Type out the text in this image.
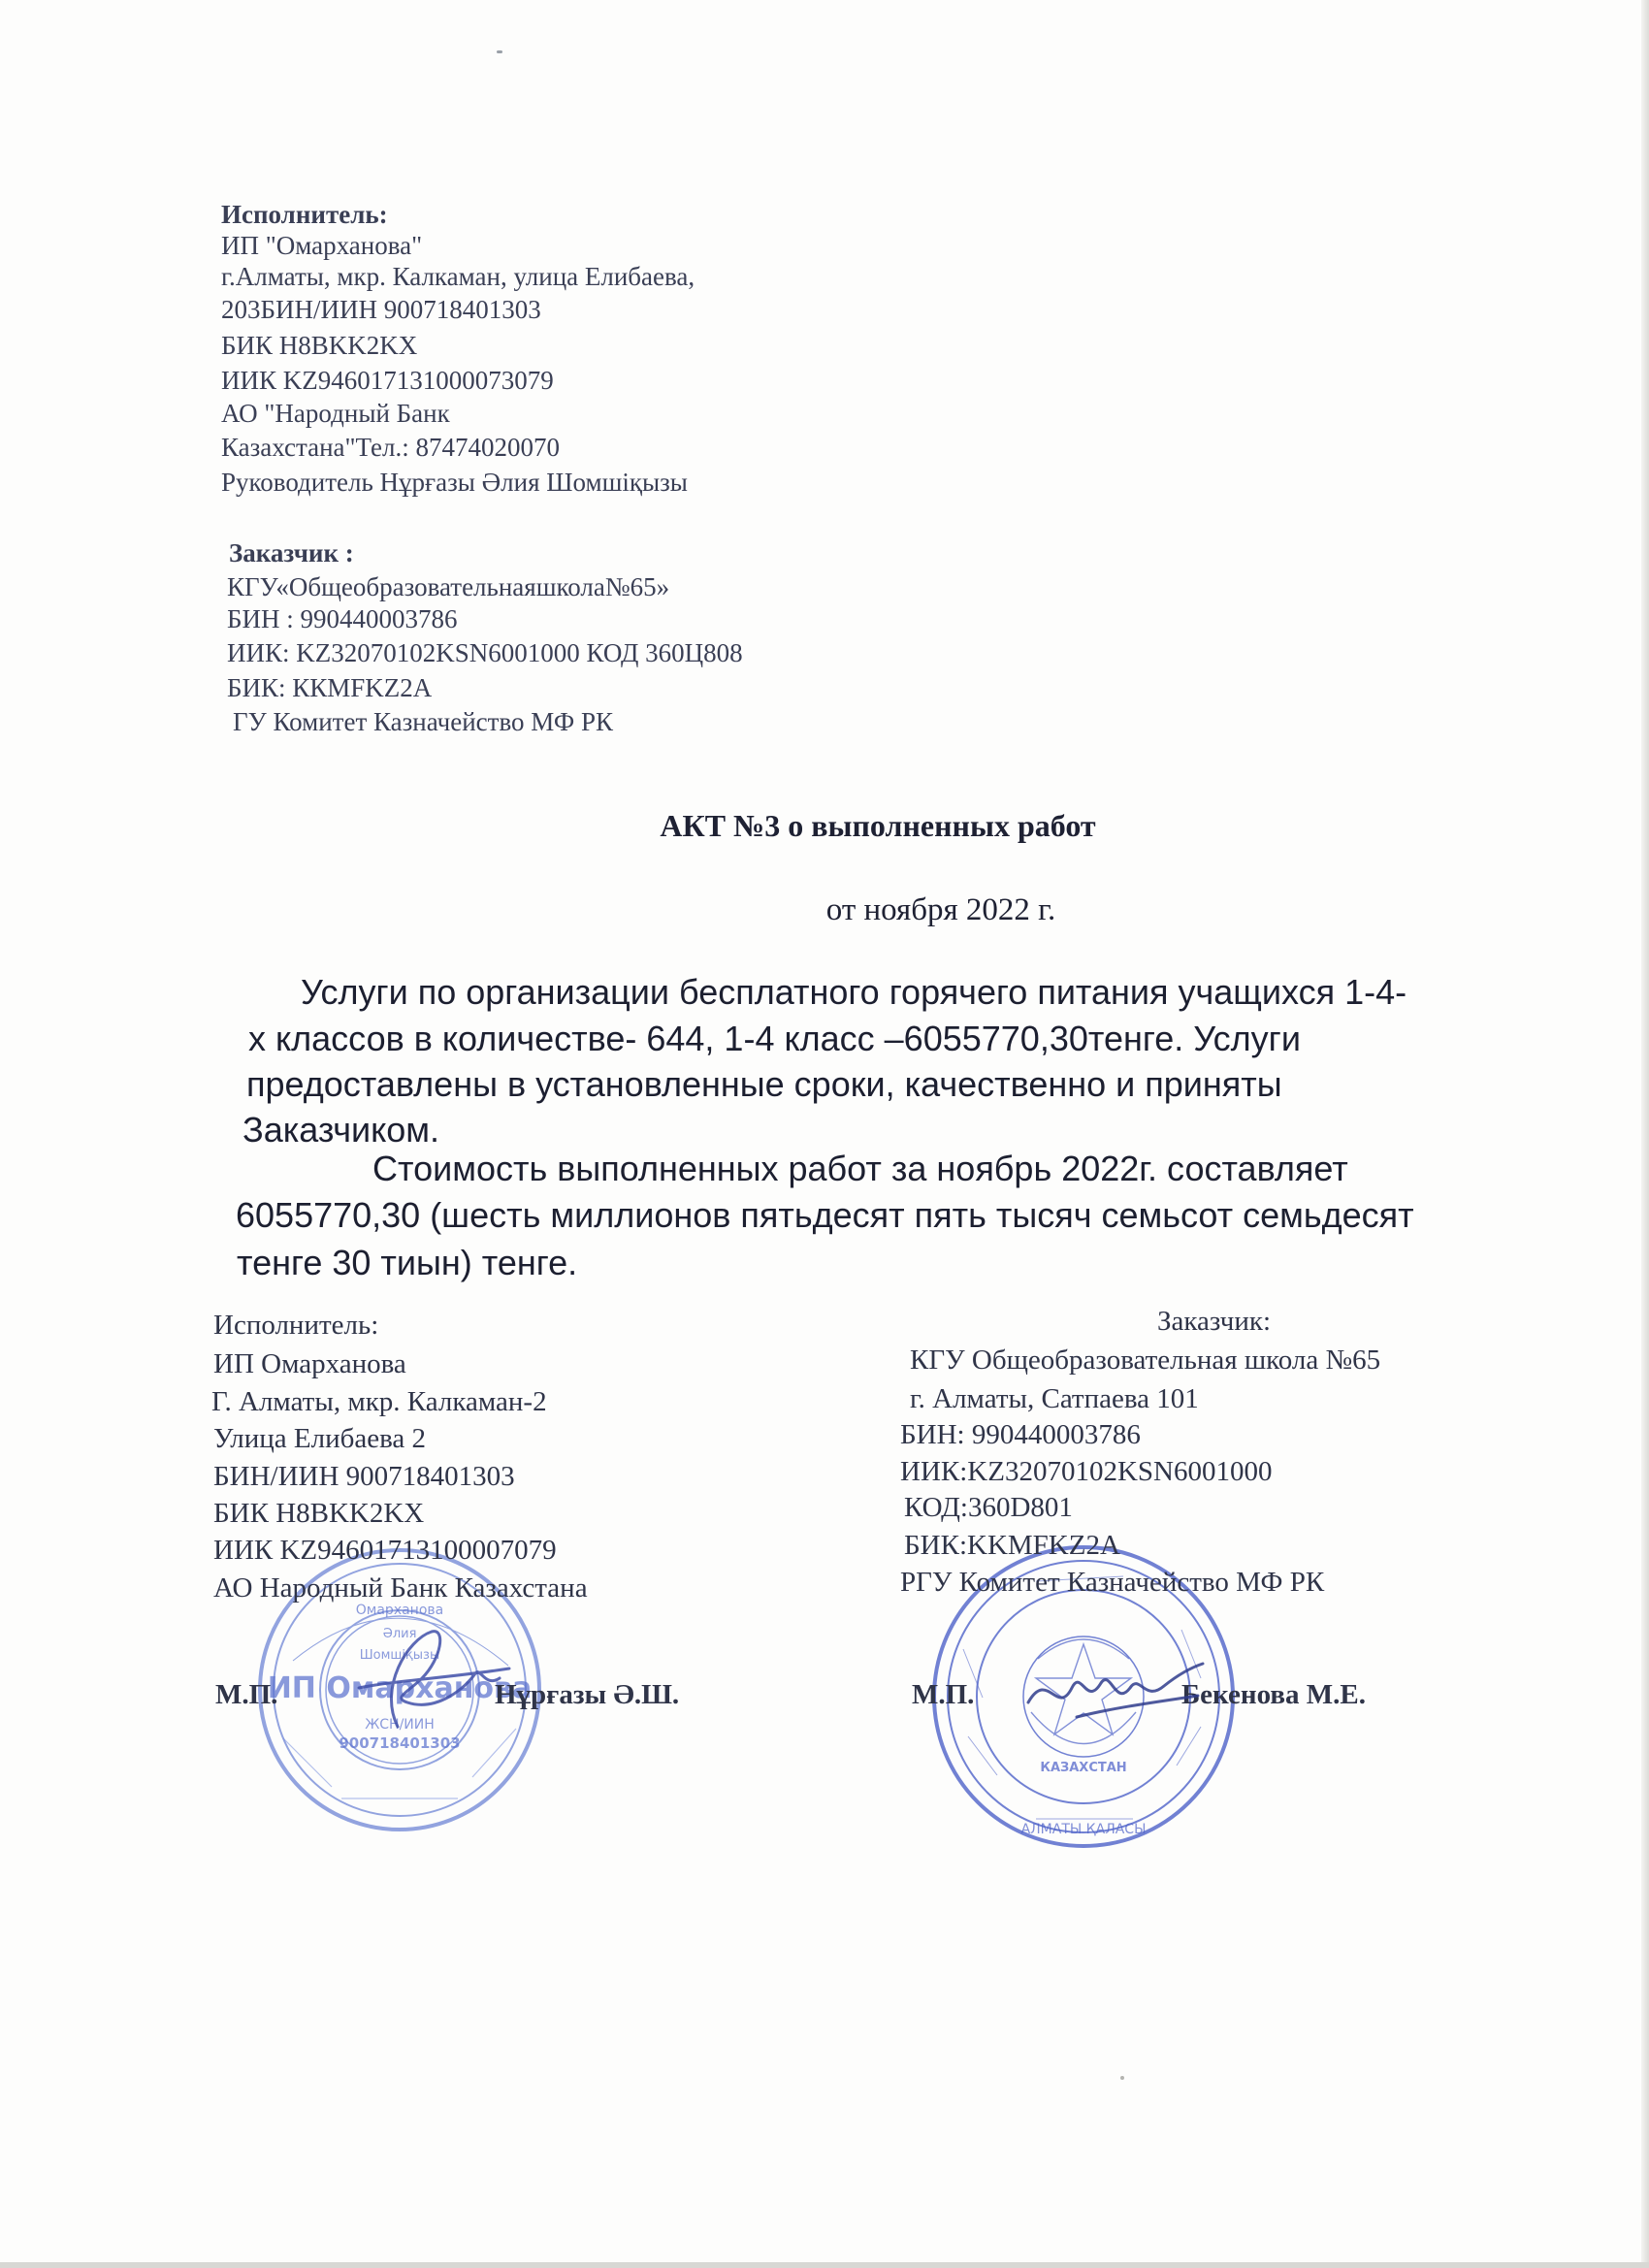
Исполнитель:
ИП "Омарханова"
г.Алматы, мкр. Калкаман, улица Елибаева,
203БИН/ИИН 900718401303
БИК H8BKK2KX
ИИК KZ946017131000073079
АО "Народный Банк
Казахстана"Тел.: 87474020070
Руководитель Нұрғазы Әлия Шомшiқызы
Заказчик :
КГУ«Общеобразовательнаяшкола№65»
БИН : 990440003786
ИИК: KZ32070102KSN6001000 КОД 360Ц808
БИК: ККМFKZ2A
ГУ Комитет Казначейство МФ РК
АКТ №3 о выполненных работ
от ноября 2022 г.
Услуги по организации бесплатного горячего питания учащихся 1-4-
х классов в количестве- 644, 1-4 класс –6055770,30тенге. Услуги
предоставлены в установленные сроки, качественно и приняты
Заказчиком.
Стоимость выполненных работ за ноябрь 2022г. составляет
6055770,30 (шесть миллионов пятьдесят пять тысяч семьсот семьдесят
тенге 30 тиын) тенге.
Омарханова
Әлия
Шомшiқызы
ИП Омарханова
ЖСН/ИИН
900718401303
КАЗАХСТАН
АЛМАТЫ ҚАЛАСЫ
Исполнитель:
ИП Омарханова
Г. Алматы, мкр. Калкаман-2
Улица Елибаева 2
БИН/ИИН 900718401303
БИК H8BKK2KX
ИИК KZ94601713100007079
АО Народный Банк Казахстана
М.П.	Нұрғазы Ә.Ш.
Заказчик:
КГУ Общеобразовательная школа №65
г. Алматы, Сатпаева 101
БИН: 990440003786
ИИК:KZ32070102KSN6001000
КОД:360D801
БИК:KKMFKZ2A
РГУ Комитет Казначейство МФ РК
М.П.	Бекенова М.Е.
